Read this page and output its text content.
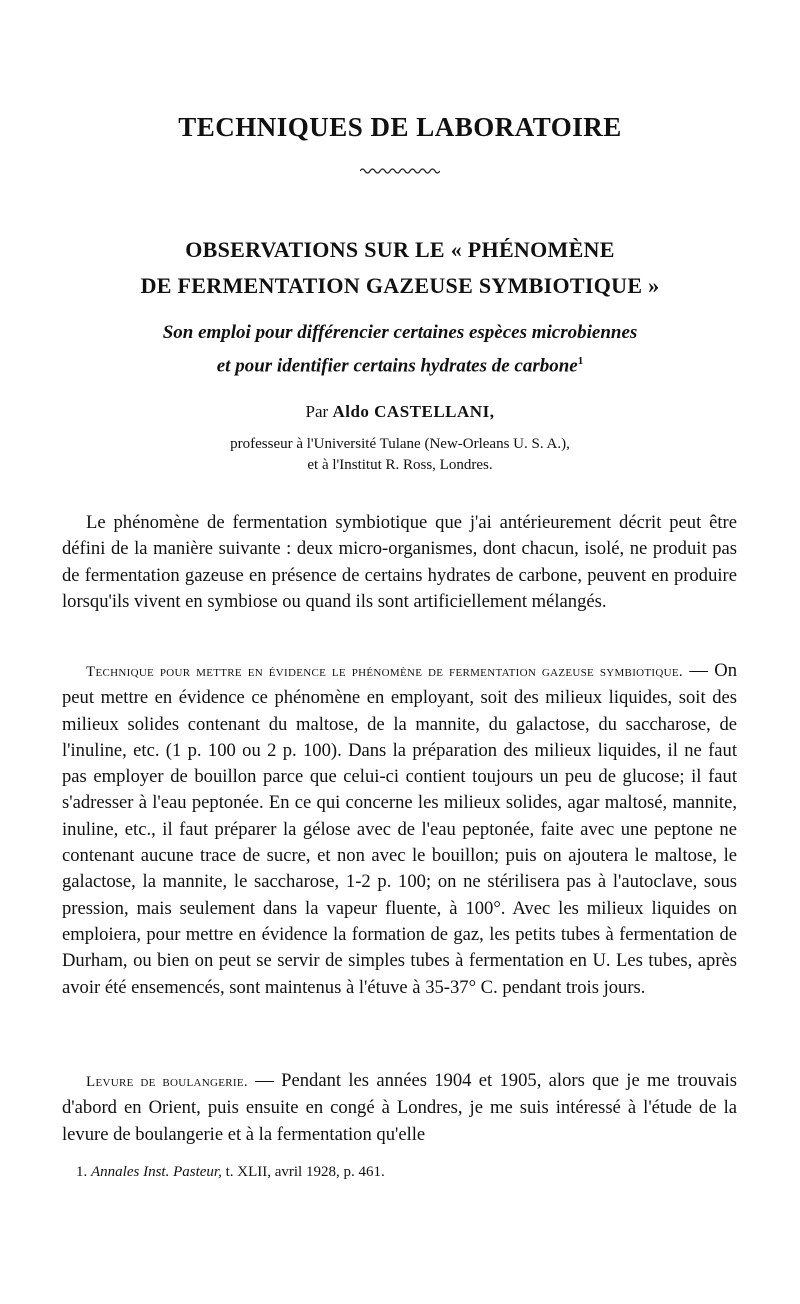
TECHNIQUES DE LABORATOIRE
OBSERVATIONS SUR LE « PHÉNOMÈNE
DE FERMENTATION GAZEUSE SYMBIOTIQUE »
Son emploi pour différencier certaines espèces microbiennes
et pour identifier certains hydrates de carbone$^1$
Par Aldo CASTELLANI,
professeur à l'Université Tulane (New-Orleans U. S. A.),
et à l'Institut R. Ross, Londres.

Le phénomène de fermentation symbiotique que j'ai antérieurement décrit peut être défini de la manière suivante : deux micro-organismes, dont chacun, isolé, ne produit pas de fermentation gazeuse en présence de certains hydrates de carbone, peuvent en produire lorsqu'ils vivent en symbiose ou quand ils sont artificiellement mélangés.

Technique pour mettre en évidence le phénomène de fermentation gazeuse symbiotique. — On peut mettre en évidence ce phénomène en employant, soit des milieux liquides, soit des milieux solides contenant du maltose, de la mannite, du galactose, du saccharose, de l'inuline, etc. (1 p. 100 ou 2 p. 100). Dans la préparation des milieux liquides, il ne faut pas employer de bouillon parce que celui-ci contient toujours un peu de glucose; il faut s'adresser à l'eau peptonée. En ce qui concerne les milieux solides, agar maltosé, mannite, inuline, etc., il faut préparer la gélose avec de l'eau peptonée, faite avec une peptone ne contenant aucune trace de sucre, et non avec le bouillon; puis on ajoutera le maltose, le galactose, la mannite, le saccharose, 1-2 p. 100; on ne stérilisera pas à l'autoclave, sous pression, mais seulement dans la vapeur fluente, à 100°. Avec les milieux liquides on emploiera, pour mettre en évidence la formation de gaz, les petits tubes à fermentation de Durham, ou bien on peut se servir de simples tubes à fermentation en U. Les tubes, après avoir été ensemencés, sont maintenus à l'étuve à 35-37° C. pendant trois jours.

Levure de boulangerie. — Pendant les années 1904 et 1905, alors que je me trouvais d'abord en Orient, puis ensuite en congé à Londres, je me suis intéressé à l'étude de la levure de boulangerie et à la fermentation qu'elle

1. Annales Inst. Pasteur, t. XLII, avril 1928, p. 461.
